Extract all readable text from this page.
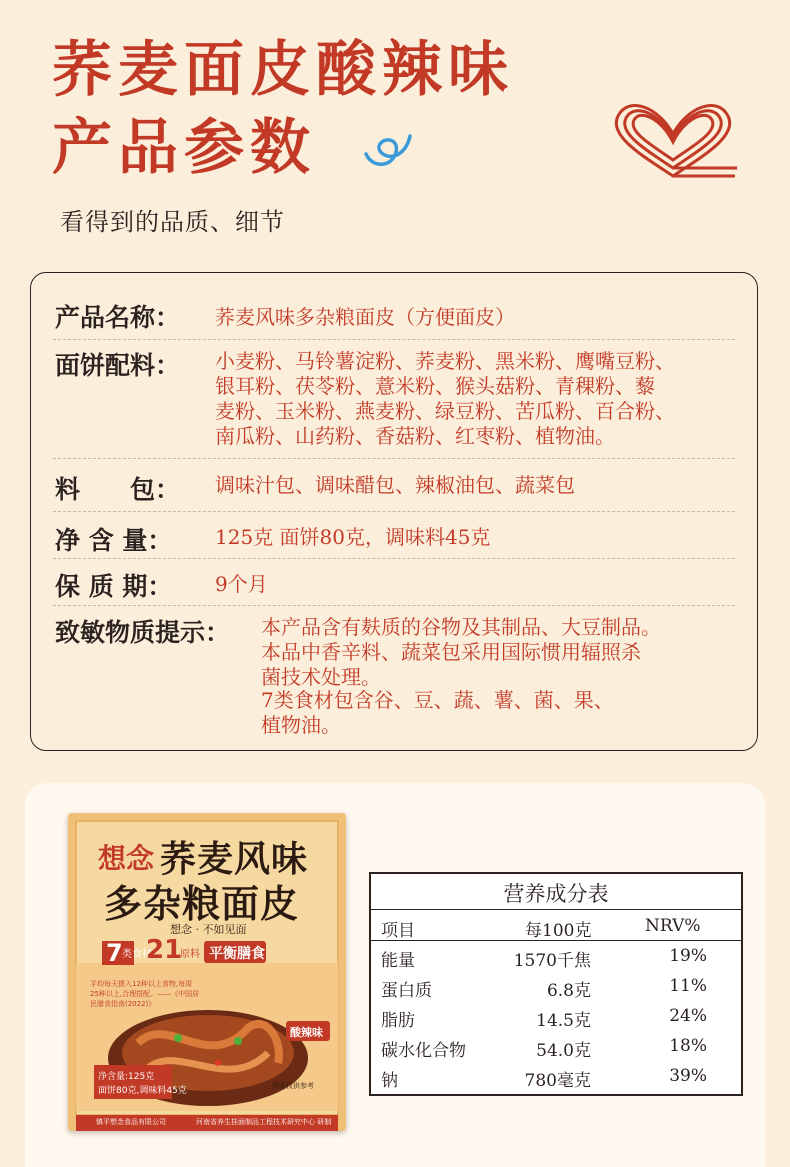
荞麦面皮酸辣味
产品参数
看得到的品质、细节
产品名称： 荞麦风味多杂粮面皮（方便面皮）
面饼配料： 小麦粉、马铃薯淀粉、荞麦粉、黑米粉、鹰嘴豆粉、
银耳粉、茯苓粉、薏米粉、猴头菇粉、青稞粉、藜
麦粉、玉米粉、燕麦粉、绿豆粉、苦瓜粉、百合粉、
南瓜粉、山药粉、香菇粉、红枣粉、植物油。
料　　包： 调味汁包、调味醋包、辣椒油包、蔬菜包
净 含 量： 125克 面饼80克，调味料45克
保 质 期： 9个月
致敏物质提示： 本产品含有麸质的谷物及其制品、大豆制品。
本品中香辛料、蔬菜包采用国际惯用辐照杀
菌技术处理。
7类食材包含谷、豆、蔬、薯、菌、果、
植物油。
想念 荞麦风味
多杂粮面皮
想念 · 不如见面
7 类食材
21
原料 平衡膳食
平均每天摄入12种以上食物,每周25种以上,合理搭配。——《中国居民膳食指南(2022)》
酸辣味
净含量:125克
面饼80克,调味料45克	图案仅供参考
镇平想念食品有限公司	河南省养生挂面制品工程技术研究中心 研制
营养成分表
项目	每100克	NRV%
能量	1570千焦	19%
蛋白质	6.8克	11%
脂肪	14.5克	24%
碳水化合物	54.0克	18%
钠	780毫克	39%
